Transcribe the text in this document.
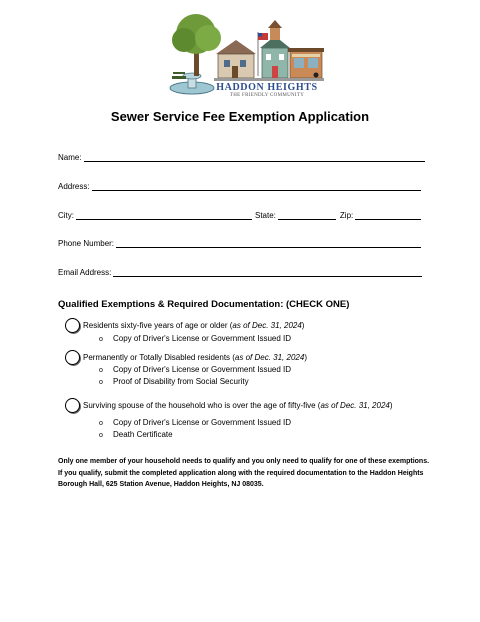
HADDON HEIGHTS
THE FRIENDLY COMMUNITY
Sewer Service Fee Exemption Application
Name:
Address:
City:	State:	Zip:
Phone Number:
Email Address:
Qualified Exemptions & Required Documentation: (CHECK ONE)
Residents sixty-five years of age or older (as of Dec. 31, 2024)
o Copy of Driver's License or Government Issued ID
Permanently or Totally Disabled residents (as of Dec. 31, 2024)
o Copy of Driver's License or Government Issued ID
o Proof of Disability from Social Security
Surviving spouse of the household who is over the age of fifty-five (as of Dec. 31, 2024)
o Copy of Driver's License or Government Issued ID
o Death Certificate
Only one member of your household needs to qualify and you only need to qualify for one of these exemptions. If you qualify, submit the completed application along with the required documentation to the Haddon Heights Borough Hall, 625 Station Avenue, Haddon Heights, NJ 08035.
